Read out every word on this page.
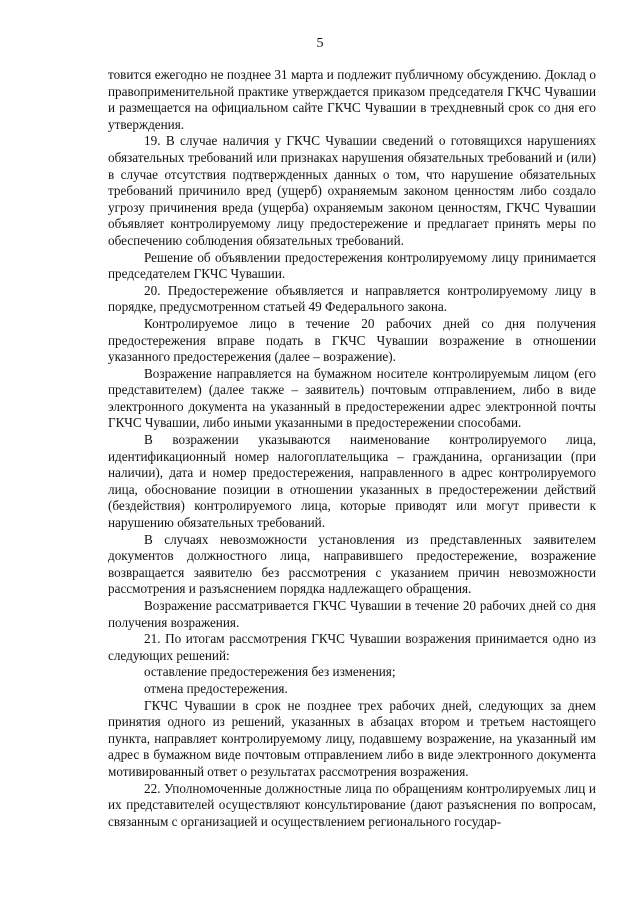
5

товится ежегодно не позднее 31 марта и подлежит публичному обсуждению. Доклад о правоприменительной практике утверждается приказом председателя ГКЧС Чувашии и размещается на официальном сайте ГКЧС Чувашии в трехдневный срок со дня его утверждения.

19. В случае наличия у ГКЧС Чувашии сведений о готовящихся нарушениях обязательных требований или признаках нарушения обязательных требований и (или) в случае отсутствия подтвержденных данных о том, что нарушение обязательных требований причинило вред (ущерб) охраняемым законом ценностям либо создало угрозу причинения вреда (ущерба) охраняемым законом ценностям, ГКЧС Чувашии объявляет контролируемому лицу предостережение и предлагает принять меры по обеспечению соблюдения обязательных требований.

Решение об объявлении предостережения контролируемому лицу принимается председателем ГКЧС Чувашии.

20. Предостережение объявляется и направляется контролируемому лицу в порядке, предусмотренном статьей 49 Федерального закона.

Контролируемое лицо в течение 20 рабочих дней со дня получения предостережения вправе подать в ГКЧС Чувашии возражение в отношении указанного предостережения (далее – возражение).

Возражение направляется на бумажном носителе контролируемым лицом (его представителем) (далее также – заявитель) почтовым отправлением, либо в виде электронного документа на указанный в предостережении адрес электронной почты ГКЧС Чувашии, либо иными указанными в предостережении способами.

В возражении указываются наименование контролируемого лица, идентификационный номер налогоплательщика – гражданина, организации (при наличии), дата и номер предостережения, направленного в адрес контролируемого лица, обоснование позиции в отношении указанных в предостережении действий (бездействия) контролируемого лица, которые приводят или могут привести к нарушению обязательных требований.

В случаях невозможности установления из представленных заявителем документов должностного лица, направившего предостережение, возражение возвращается заявителю без рассмотрения с указанием причин невозможности рассмотрения и разъяснением порядка надлежащего обращения.

Возражение рассматривается ГКЧС Чувашии в течение 20 рабочих дней со дня получения возражения.

21. По итогам рассмотрения ГКЧС Чувашии возражения принимается одно из следующих решений:

оставление предостережения без изменения;

отмена предостережения.

ГКЧС Чувашии в срок не позднее трех рабочих дней, следующих за днем принятия одного из решений, указанных в абзацах втором и третьем настоящего пункта, направляет контролируемому лицу, подавшему возражение, на указанный им адрес в бумажном виде почтовым отправлением либо в виде электронного документа мотивированный ответ о результатах рассмотрения возражения.

22. Уполномоченные должностные лица по обращениям контролируемых лиц и их представителей осуществляют консультирование (дают разъяснения по вопросам, связанным с организацией и осуществлением регионального государ-
